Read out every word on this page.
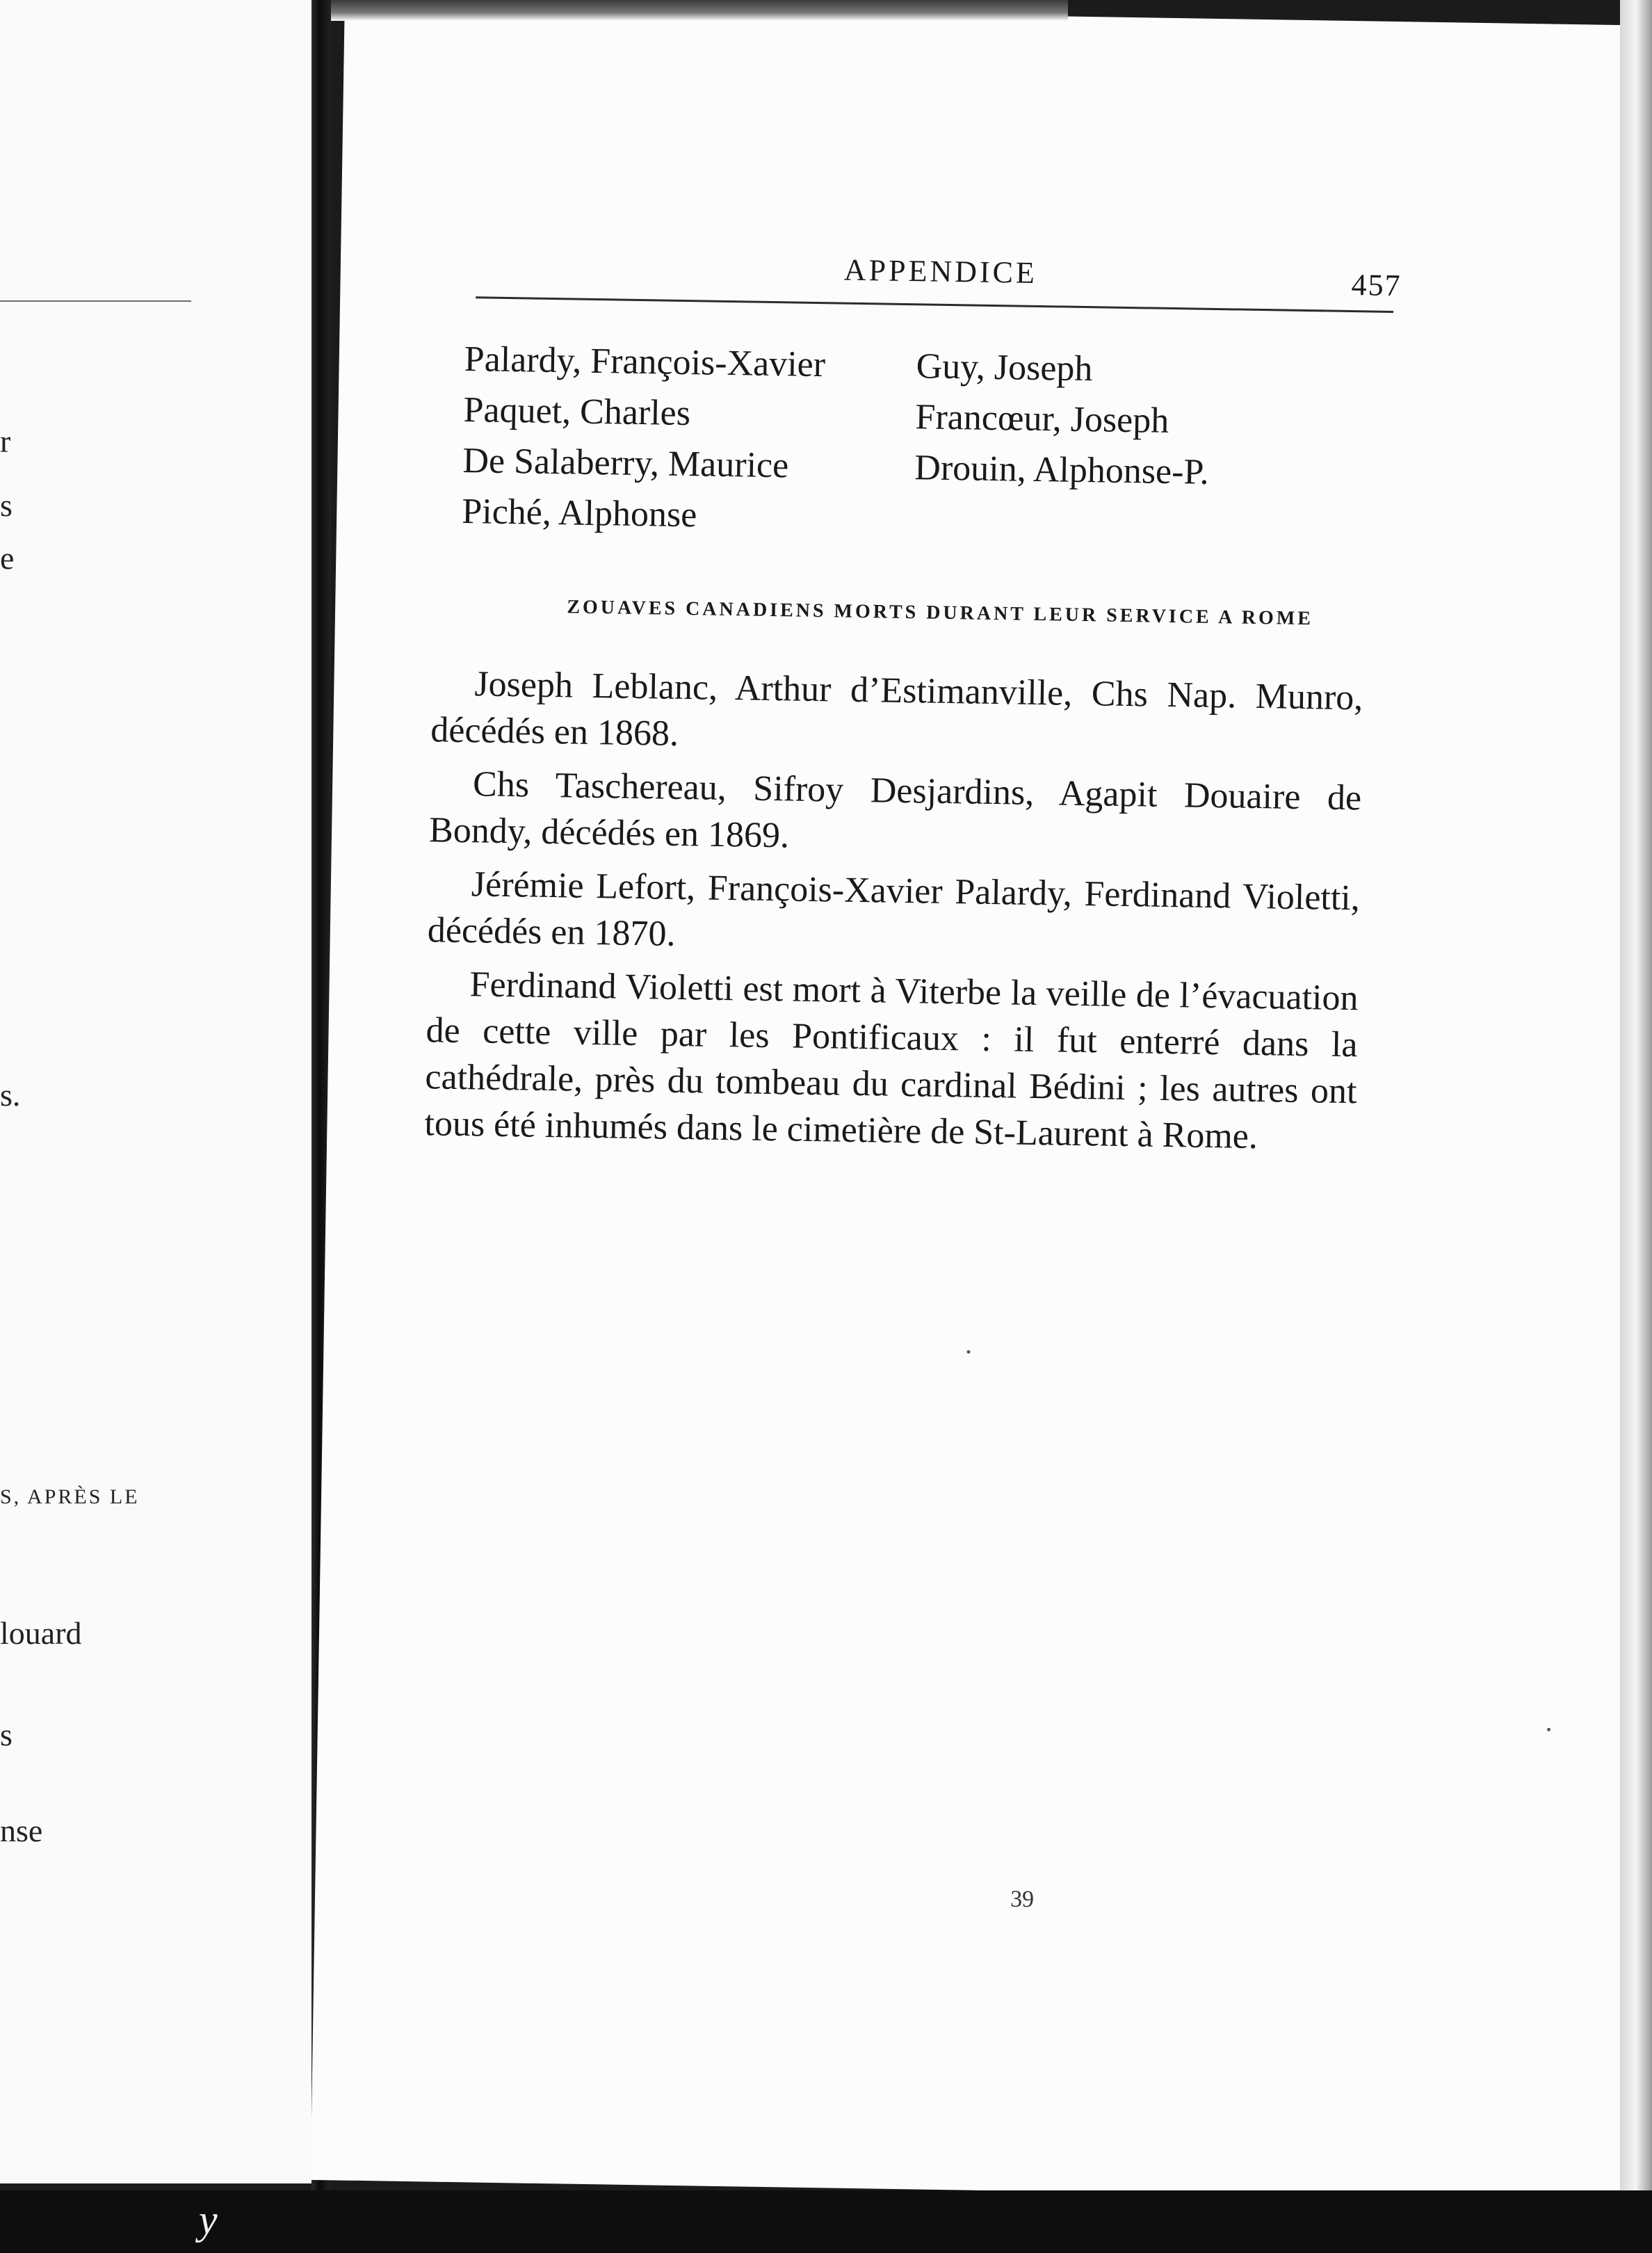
r
s
e
s.
S, APRÈS LE
louard
s
nse
APPENDICE	457
Palardy, François-Xavier	Guy, Joseph
Paquet, Charles	Francœur, Joseph
De Salaberry, Maurice	Drouin, Alphonse-P.
Piché, Alphonse
ZOUAVES CANADIENS MORTS DURANT LEUR SERVICE A ROME

Joseph Leblanc, Arthur d’Estimanville, Chs Nap. Munro, décédés en 1868.

Chs Taschereau, Sifroy Desjardins, Agapit Douaire de Bondy, décédés en 1869.

Jérémie Lefort, François-Xavier Palardy, Ferdinand Violetti, décédés en 1870.

Ferdinand Violetti est mort à Viterbe la veille de l’évacuation de cette ville par les Pontificaux : il fut enterré dans la cathédrale, près du tombeau du cardinal Bédini ; les autres ont tous été inhumés dans le cimetière de St-Laurent à Rome.

39
y
